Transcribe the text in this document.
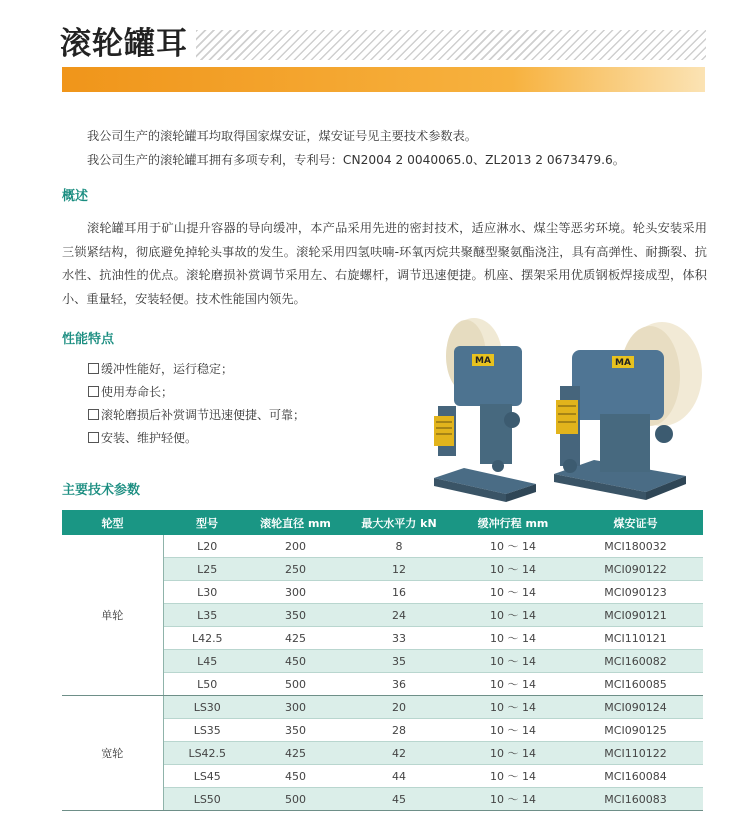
滚轮罐耳
我公司生产的滚轮罐耳均取得国家煤安证，煤安证号见主要技术参数表。
我公司生产的滚轮罐耳拥有多项专利，专利号：CN2004 2 0040065.0、ZL2013 2 0673479.6。
概述
滚轮罐耳用于矿山提升容器的导向缓冲，本产品采用先进的密封技术，适应淋水、煤尘等恶劣环境。轮头安装采用三锁紧结构，彻底避免掉轮头事故的发生。滚轮采用四氢呋喃-环氧丙烷共聚醚型聚氨酯浇注，具有高弹性、耐撕裂、抗水性、抗油性的优点。滚轮磨损补赏调节采用左、右旋螺杆，调节迅速便捷。机座、摆架采用优质钢板焊接成型，体积小、重量轻，安装轻便。技术性能国内领先。
性能特点
缓冲性能好，运行稳定；
使用寿命长；
滚轮磨损后补赏调节迅速便捷、可靠；
安装、维护轻便。
MA	MA
主要技术参数
轮型	型号	滚轮直径 mm	最大水平力 kN	缓冲行程 mm	煤安证号
单轮	L20	200	8	10 ～ 14	MCI180032
	L25	250	12	10 ～ 14	MCI090122
	L30	300	16	10 ～ 14	MCI090123
	L35	350	24	10 ～ 14	MCI090121
	L42.5	425	33	10 ～ 14	MCI110121
	L45	450	35	10 ～ 14	MCI160082
	L50	500	36	10 ～ 14	MCI160085
宽轮	LS30	300	20	10 ～ 14	MCI090124
	LS35	350	28	10 ～ 14	MCI090125
	LS42.5	425	42	10 ～ 14	MCI110122
	LS45	450	44	10 ～ 14	MCI160084
	LS50	500	45	10 ～ 14	MCI160083
